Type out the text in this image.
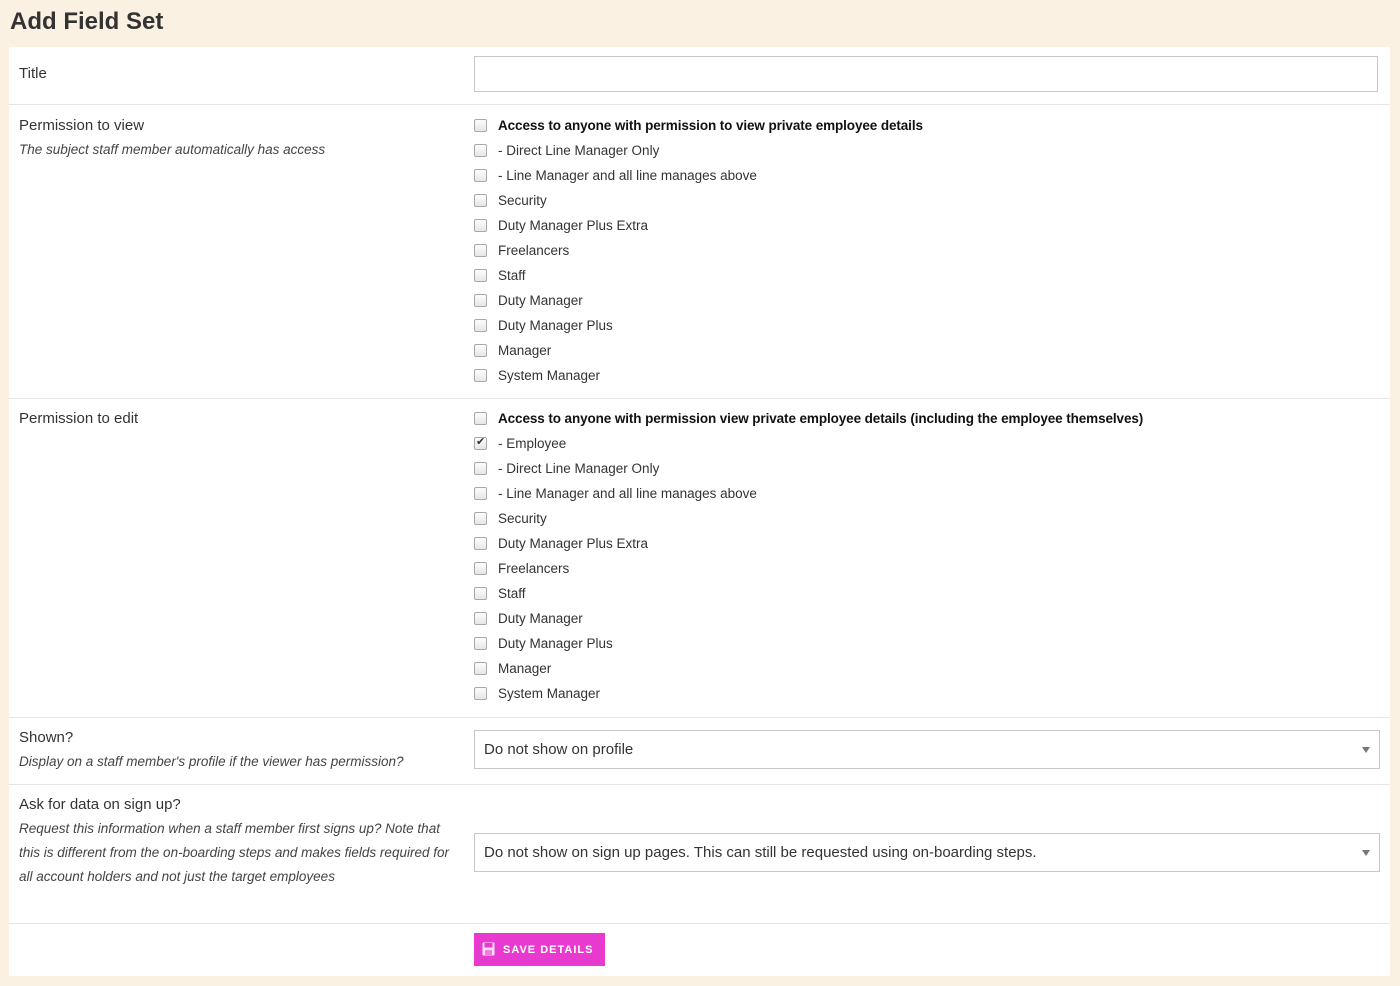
Add Field Set
Title
Permission to view
The subject staff member automatically has access
Access to anyone with permission to view private employee details
- Direct Line Manager Only
- Line Manager and all line manages above
Security
Duty Manager Plus Extra
Freelancers
Staff
Duty Manager
Duty Manager Plus
Manager
System Manager
Permission to edit	Access to anyone with permission view private employee details (including the employee themselves)
✔
- Employee
- Direct Line Manager Only
- Line Manager and all line manages above
Security
Duty Manager Plus Extra
Freelancers
Staff
Duty Manager
Duty Manager Plus
Manager
System Manager
Shown?
Display on a staff member's profile if the viewer has permission?
Do not show on profile
Ask for data on sign up?
Request this information when a staff member first signs up? Note that this is different from the on-boarding steps and makes fields required for all account holders and not just the target employees
Do not show on sign up pages. This can still be requested using on-boarding steps.
SAVE DETAILS
